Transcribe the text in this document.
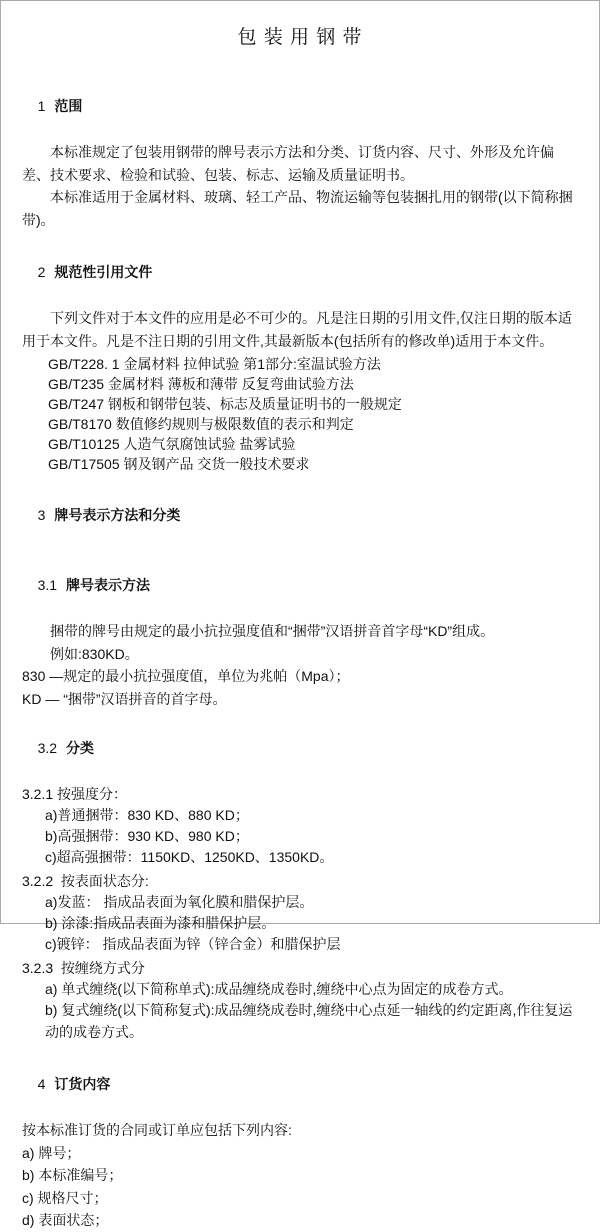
包 装 用 钢 带

1 范围

本标准规定了包装用钢带的牌号表示方法和分类、订货内容、尺寸、外形及允许偏差、技术要求、检验和试验、包装、标志、运输及质量证明书。
本标准适用于金属材料、玻璃、轻工产品、物流运输等包装捆扎用的钢带(以下简称捆带)。

2 规范性引用文件

下列文件对于本文件的应用是必不可少的。凡是注日期的引用文件,仅注日期的版本适用于本文件。凡是不注日期的引用文件,其最新版本(包括所有的修改单)适用于本文件。
GB/T228. 1 金属材料 拉伸试验 第1部分:室温试验方法
GB/T235 金属材料 薄板和薄带 反复弯曲试验方法
GB/T247 钢板和钢带包装、标志及质量证明书的一般规定
GB/T8170 数值修约规则与极限数值的表示和判定
GB/T10125 人造气氛腐蚀试验 盐雾试验
GB/T17505 钢及钢产品 交货一般技术要求

3 牌号表示方法和分类

3.1 牌号表示方法

捆带的牌号由规定的最小抗拉强度值和“捆带”汉语拼音首字母“KD”组成。
例如:830KD。
830 —规定的最小抗拉强度值，单位为兆帕（Mpa）；
KD — “捆带”汉语拼音的首字母。

3.2 分类

3.2.1 按强度分：
a)普通捆带：830 KD、880 KD；
b)高强捆带：930 KD、980 KD；
c)超高强捆带：1150KD、1250KD、1350KD。
3.2.2  按表面状态分:
a)发蓝： 指成品表面为氧化膜和腊保护层。
b) 涂漆:指成品表面为漆和腊保护层。
c)镀锌： 指成品表面为锌（锌合金）和腊保护层
3.2.3  按缠绕方式分
a) 单式缠绕(以下简称单式):成品缠绕成卷时,缠绕中心点为固定的成卷方式。
b) 复式缠绕(以下简称复式):成品缠绕成卷时,缠绕中心点延一轴线的约定距离,作往复运动的成卷方式。

4 订货内容

按本标准订货的合同或订单应包括下列内容:
a) 牌号；
b) 本标准编号；
c) 规格尺寸；
d) 表面状态；
